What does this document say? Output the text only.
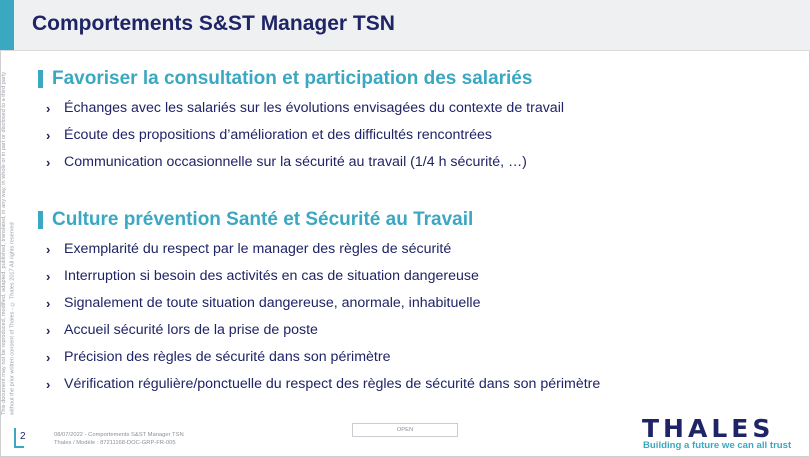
Comportements S&ST Manager TSN
This document may not be reproduced, modified, adapted, published, translated, in any way, in whole or in part or disclosed to a third party without the prior written consent of Thales - © Thales 2017 All rights reserved
Favoriser la consultation et participation des salariés
› Échanges avec les salariés sur les évolutions envisagées du contexte de travail
› Écoute des propositions d’amélioration et des difficultés rencontrées
› Communication occasionnelle sur la sécurité au travail (1/4 h sécurité, …)
Culture prévention Santé et Sécurité au Travail
› Exemplarité du respect par le manager des règles de sécurité
› Interruption si besoin des activités en cas de situation dangereuse
› Signalement de toute situation dangereuse, anormale, inhabituelle
› Accueil sécurité lors de la prise de poste
› Précision des règles de sécurité dans son périmètre
› Vérification régulière/ponctuelle du respect des règles de sécurité dans son périmètre
2	08/07/2022 - Comportements S&ST Manager TSN
Thales / Modèle : 87211168-DOC-GRP-FR-005
OPEN	THALES
Building a future we can all trust
